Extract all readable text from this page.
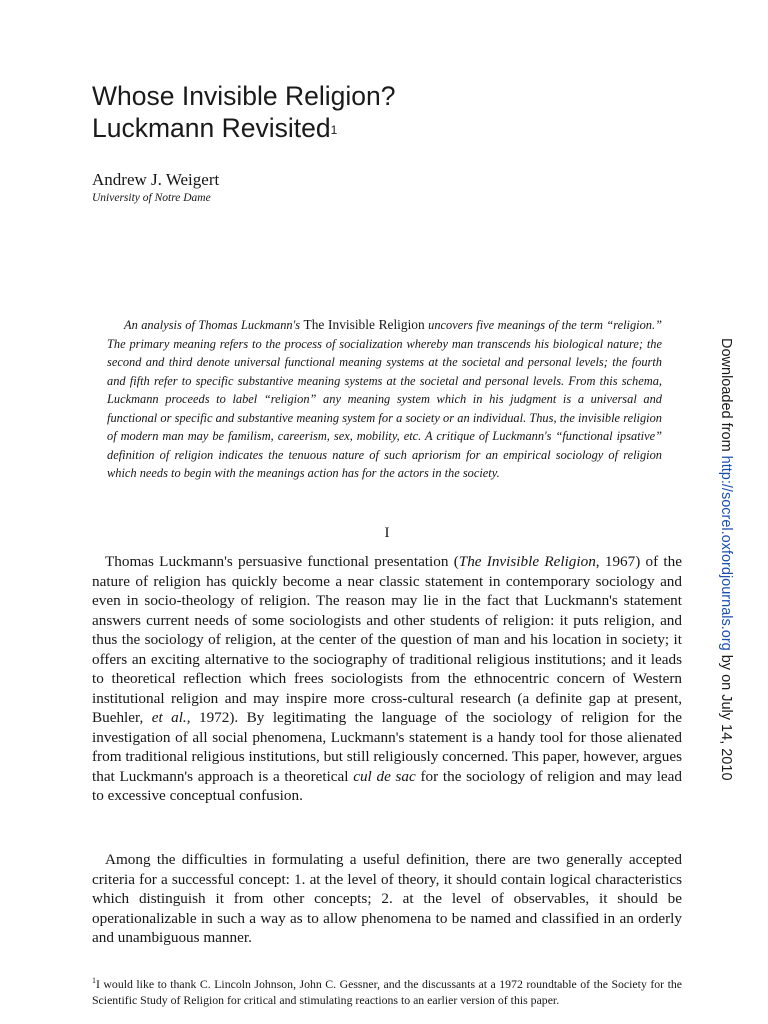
Whose Invisible Religion?
Luckmann Revisited$^1$
Andrew J. Weigert
University of Notre Dame

An analysis of Thomas Luckmann's The Invisible Religion uncovers five meanings of the term “religion.” The primary meaning refers to the process of socialization whereby man transcends his biological nature; the second and third denote universal functional meaning systems at the societal and personal levels; the fourth and fifth refer to specific substantive meaning systems at the societal and personal levels. From this schema, Luckmann proceeds to label “religion” any meaning system which in his judgment is a universal and functional or specific and substantive meaning system for a society or an individual. Thus, the invisible religion of modern man may be familism, careerism, sex, mobility, etc. A critique of Luckmann's “functional ipsative” definition of religion indicates the tenuous nature of such apriorism for an empirical sociology of religion which needs to begin with the meanings action has for the actors in the society.

I

Thomas Luckmann's persuasive functional presentation (The Invisible Religion, 1967) of the nature of religion has quickly become a near classic statement in contemporary sociology and even in socio-theology of religion. The reason may lie in the fact that Luckmann's statement answers current needs of some sociologists and other students of religion: it puts religion, and thus the sociology of religion, at the center of the question of man and his location in society; it offers an exciting alternative to the sociography of traditional religious institutions; and it leads to theoretical reflection which frees sociologists from the ethnocentric concern of Western institutional religion and may inspire more cross-cultural research (a definite gap at present, Buehler, et al., 1972). By legitimating the language of the sociology of religion for the investigation of all social phenomena, Luckmann's statement is a handy tool for those alienated from traditional religious institutions, but still religiously concerned. This paper, however, argues that Luckmann's approach is a theoretical cul de sac for the sociology of religion and may lead to excessive conceptual confusion.

Among the difficulties in formulating a useful definition, there are two generally accepted criteria for a successful concept: 1. at the level of theory, it should contain logical characteristics which distinguish it from other concepts; 2. at the level of observables, it should be operationalizable in such a way as to allow phenomena to be named and classified in an orderly and unambiguous manner.

$^1$I would like to thank C. Lincoln Johnson, John C. Gessner, and the discussants at a 1972 roundtable of the Society for the Scientific Study of Religion for critical and stimulating reactions to an earlier version of this paper.

Downloaded from http://socrel.oxfordjournals.org by on July 14, 2010
